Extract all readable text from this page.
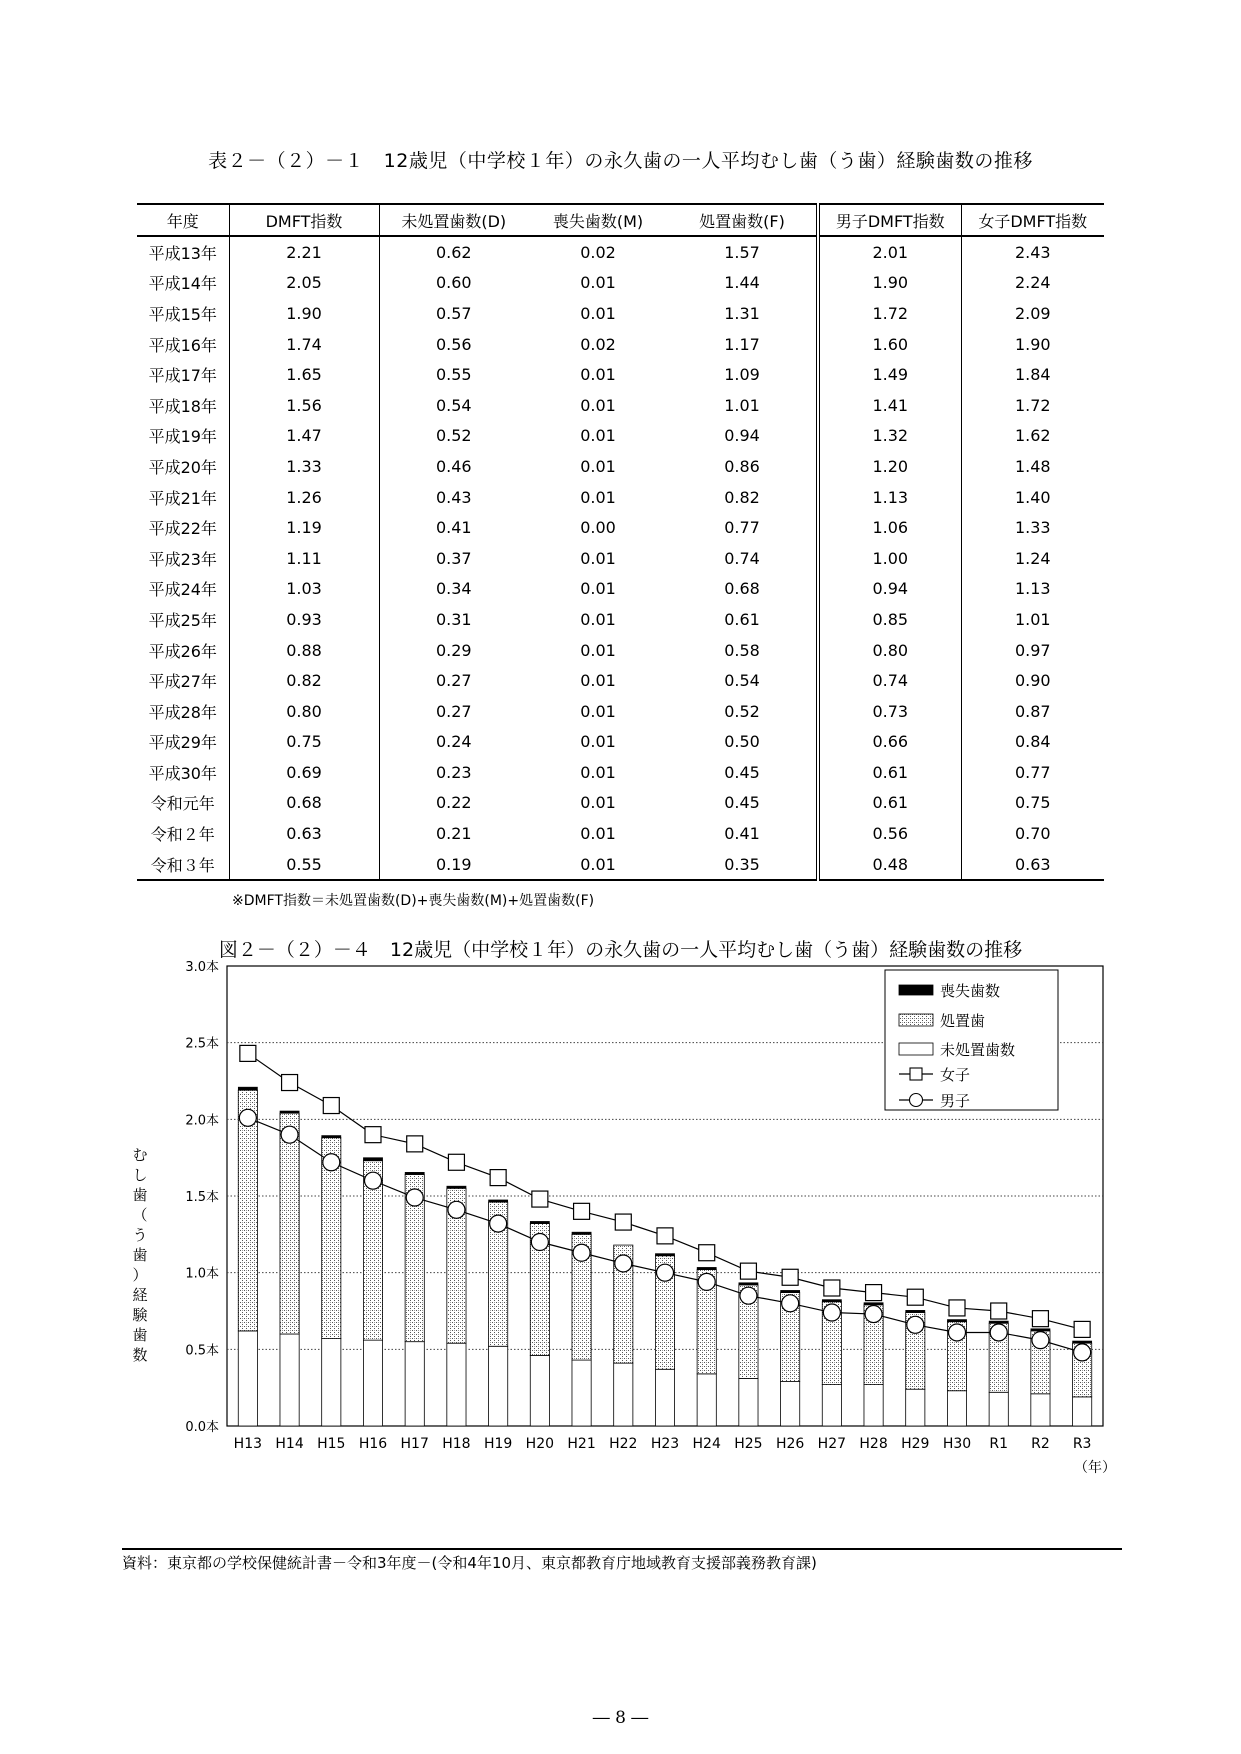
表２－（２）－１　12歳児（中学校１年）の永久歯の一人平均むし歯（う歯）経験歯数の推移
年度	DMFT指数	未処置歯数(D)	喪失歯数(M)	処置歯数(F)	男子DMFT指数	女子DMFT指数
平成13年	2.21	0.62	0.02	1.57	2.01	2.43
平成14年	2.05	0.60	0.01	1.44	1.90	2.24
平成15年	1.90	0.57	0.01	1.31	1.72	2.09
平成16年	1.74	0.56	0.02	1.17	1.60	1.90
平成17年	1.65	0.55	0.01	1.09	1.49	1.84
平成18年	1.56	0.54	0.01	1.01	1.41	1.72
平成19年	1.47	0.52	0.01	0.94	1.32	1.62
平成20年	1.33	0.46	0.01	0.86	1.20	1.48
平成21年	1.26	0.43	0.01	0.82	1.13	1.40
平成22年	1.19	0.41	0.00	0.77	1.06	1.33
平成23年	1.11	0.37	0.01	0.74	1.00	1.24
平成24年	1.03	0.34	0.01	0.68	0.94	1.13
平成25年	0.93	0.31	0.01	0.61	0.85	1.01
平成26年	0.88	0.29	0.01	0.58	0.80	0.97
平成27年	0.82	0.27	0.01	0.54	0.74	0.90
平成28年	0.80	0.27	0.01	0.52	0.73	0.87
平成29年	0.75	0.24	0.01	0.50	0.66	0.84
平成30年	0.69	0.23	0.01	0.45	0.61	0.77
令和元年	0.68	0.22	0.01	0.45	0.61	0.75
令和２年	0.63	0.21	0.01	0.41	0.56	0.70
令和３年	0.55	0.19	0.01	0.35	0.48	0.63
※DMFT指数＝未処置歯数(D)+喪失歯数(M)+処置歯数(F)
図２－（２）－４　12歳児（中学校１年）の永久歯の一人平均むし歯（う歯）経験歯数の推移
0.0本
0.5本
1.0本
1.5本
2.0本
2.5本
3.0本
む
し
歯
（
う
歯
）
経
験
歯
数
H13 H14 H15 H16 H17 H18 H19 H20 H21 H22 H23 H24 H25 H26 H27 H28 H29 H30 R1 R2 R3
（年）
喪失歯数
処置歯
未処置歯数
女子
男子
資料：東京都の学校保健統計書－令和3年度－(令和4年10月、東京都教育庁地域教育支援部義務教育課)
― 8 ―
